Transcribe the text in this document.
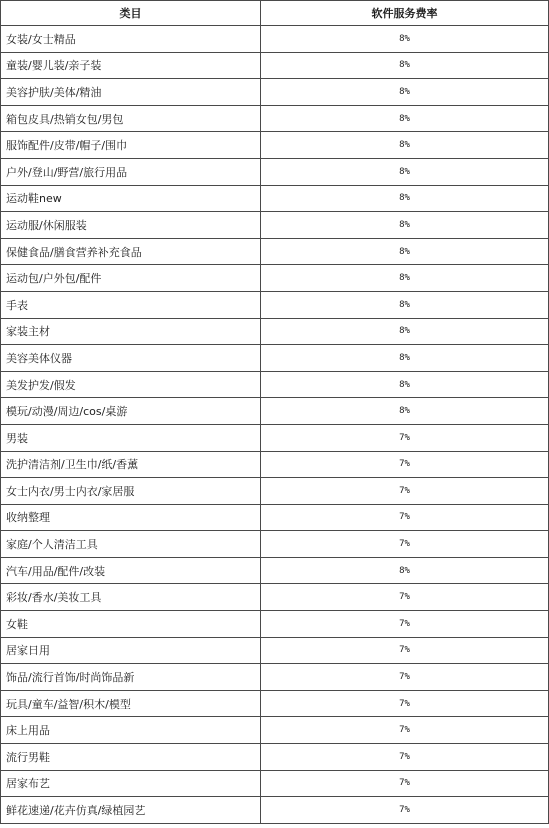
类目	软件服务费率
女装/女士精品	8%
童装/婴儿装/亲子装	8%
美容护肤/美体/精油	8%
箱包皮具/热销女包/男包	8%
服饰配件/皮带/帽子/围巾	8%
户外/登山/野营/旅行用品	8%
运动鞋new	8%
运动服/休闲服装	8%
保健食品/膳食营养补充食品	8%
运动包/户外包/配件	8%
手表	8%
家装主材	8%
美容美体仪器	8%
美发护发/假发	8%
模玩/动漫/周边/cos/桌游	8%
男装	7%
洗护清洁剂/卫生巾/纸/香薰	7%
女士内衣/男士内衣/家居服	7%
收纳整理	7%
家庭/个人清洁工具	7%
汽车/用品/配件/改装	8%
彩妆/香水/美妆工具	7%
女鞋	7%
居家日用	7%
饰品/流行首饰/时尚饰品新	7%
玩具/童车/益智/积木/模型	7%
床上用品	7%
流行男鞋	7%
居家布艺	7%
鲜花速递/花卉仿真/绿植园艺	7%
